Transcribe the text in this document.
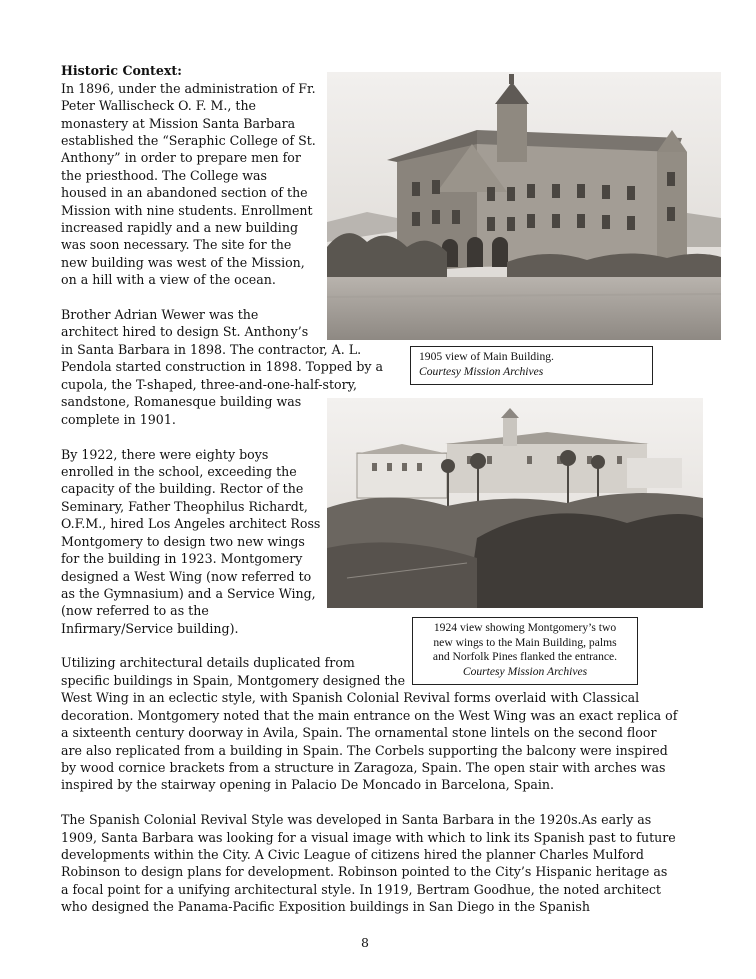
Historic Context:
In 1896, under the administration of Fr.
Peter Wallischeck O. F. M., the
monastery at Mission Santa Barbara
established the “Seraphic College of St.
Anthony” in order to prepare men for
the priesthood. The College was
housed in an abandoned section of the
Mission with nine students. Enrollment
increased rapidly and a new building
was soon necessary. The site for the
new building was west of the Mission,
on a hill with a view of the ocean.
Brother Adrian Wewer was the
architect hired to design St. Anthony’s
in Santa Barbara in 1898. The contractor, A. L.
Pendola started construction in 1898. Topped by a
cupola, the T-shaped, three-and-one-half-story,
sandstone, Romanesque building was
complete in 1901.
By 1922, there were eighty boys
enrolled in the school, exceeding the
capacity of the building. Rector of the
Seminary, Father Theophilus Richardt,
O.F.M., hired Los Angeles architect Ross
Montgomery to design two new wings
for the building in 1923. Montgomery
designed a West Wing (now referred to
as the Gymnasium) and a Service Wing,
(now referred to as the
Infirmary/Service building).
Utilizing architectural details duplicated from
specific buildings in Spain, Montgomery designed the
West Wing in an eclectic style, with Spanish Colonial Revival forms overlaid with Classical
decoration. Montgomery noted that the main entrance on the West Wing was an exact replica of
a sixteenth century doorway in Avila, Spain. The ornamental stone lintels on the second floor
are also replicated from a building in Spain. The Corbels supporting the balcony were inspired
by wood cornice brackets from a structure in Zaragoza, Spain. The open stair with arches was
inspired by the stairway opening in Palacio De Moncado in Barcelona, Spain.
The Spanish Colonial Revival Style was developed in Santa Barbara in the 1920s.As early as
1909, Santa Barbara was looking for a visual image with which to link its Spanish past to future
developments within the City. A Civic League of citizens hired the planner Charles Mulford
Robinson to design plans for development. Robinson pointed to the City’s Hispanic heritage as
a focal point for a unifying architectural style. In 1919, Bertram Goodhue, the noted architect
who designed the Panama-Pacific Exposition buildings in San Diego in the Spanish
1905 view of Main Building.
Courtesy Mission Archives
1924 view showing Montgomery’s two
new wings to the Main Building, palms
and Norfolk Pines flanked the entrance.
Courtesy Mission Archives
8
